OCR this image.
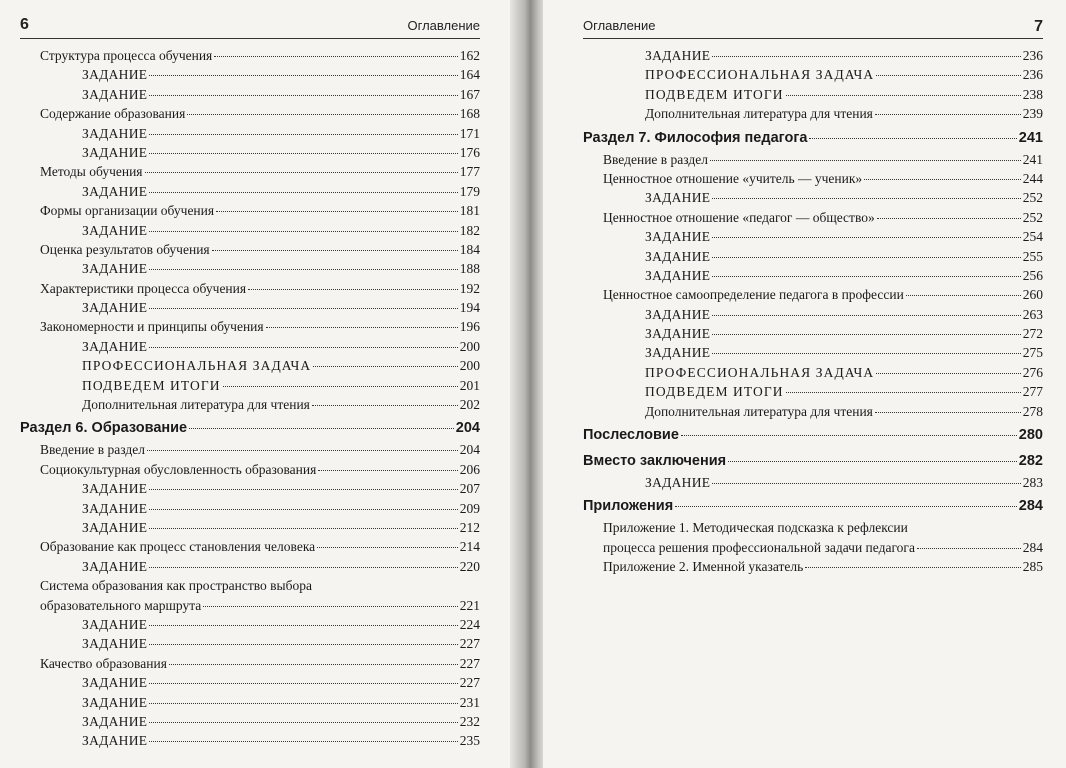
6	Оглавление
Структура процесса обучения	162
ЗАДАНИЕ	164
ЗАДАНИЕ	167
Содержание образования	168
ЗАДАНИЕ	171
ЗАДАНИЕ	176
Методы обучения	177
ЗАДАНИЕ	179
Формы организации обучения	181
ЗАДАНИЕ	182
Оценка результатов обучения	184
ЗАДАНИЕ	188
Характеристики процесса обучения	192
ЗАДАНИЕ	194
Закономерности и принципы обучения	196
ЗАДАНИЕ	200
ПРОФЕССИОНАЛЬНАЯ ЗАДАЧА	200
ПОДВЕДЕМ ИТОГИ	201
Дополнительная литература для чтения	202
Раздел 6. Образование	204
Введение в раздел	204
Социокультурная обусловленность образования	206
ЗАДАНИЕ	207
ЗАДАНИЕ	209
ЗАДАНИЕ	212
Образование как процесс становления человека	214
ЗАДАНИЕ	220
Система образования как пространство выбора
образовательного маршрута	221
ЗАДАНИЕ	224
ЗАДАНИЕ	227
Качество образования	227
ЗАДАНИЕ	227
ЗАДАНИЕ	231
ЗАДАНИЕ	232
ЗАДАНИЕ	235
Оглавление	7
ЗАДАНИЕ	236
ПРОФЕССИОНАЛЬНАЯ ЗАДАЧА	236
ПОДВЕДЕМ ИТОГИ	238
Дополнительная литература для чтения	239
Раздел 7. Философия педагога	241
Введение в раздел	241
Ценностное отношение «учитель — ученик»	244
ЗАДАНИЕ	252
Ценностное отношение «педагог — общество»	252
ЗАДАНИЕ	254
ЗАДАНИЕ	255
ЗАДАНИЕ	256
Ценностное самоопределение педагога в профессии	260
ЗАДАНИЕ	263
ЗАДАНИЕ	272
ЗАДАНИЕ	275
ПРОФЕССИОНАЛЬНАЯ ЗАДАЧА	276
ПОДВЕДЕМ ИТОГИ	277
Дополнительная литература для чтения	278
Послесловие	280
Вместо заключения	282
ЗАДАНИЕ	283
Приложения	284
Приложение 1. Методическая подсказка к рефлексии
процесса решения профессиональной задачи педагога	284
Приложение 2. Именной указатель	285
